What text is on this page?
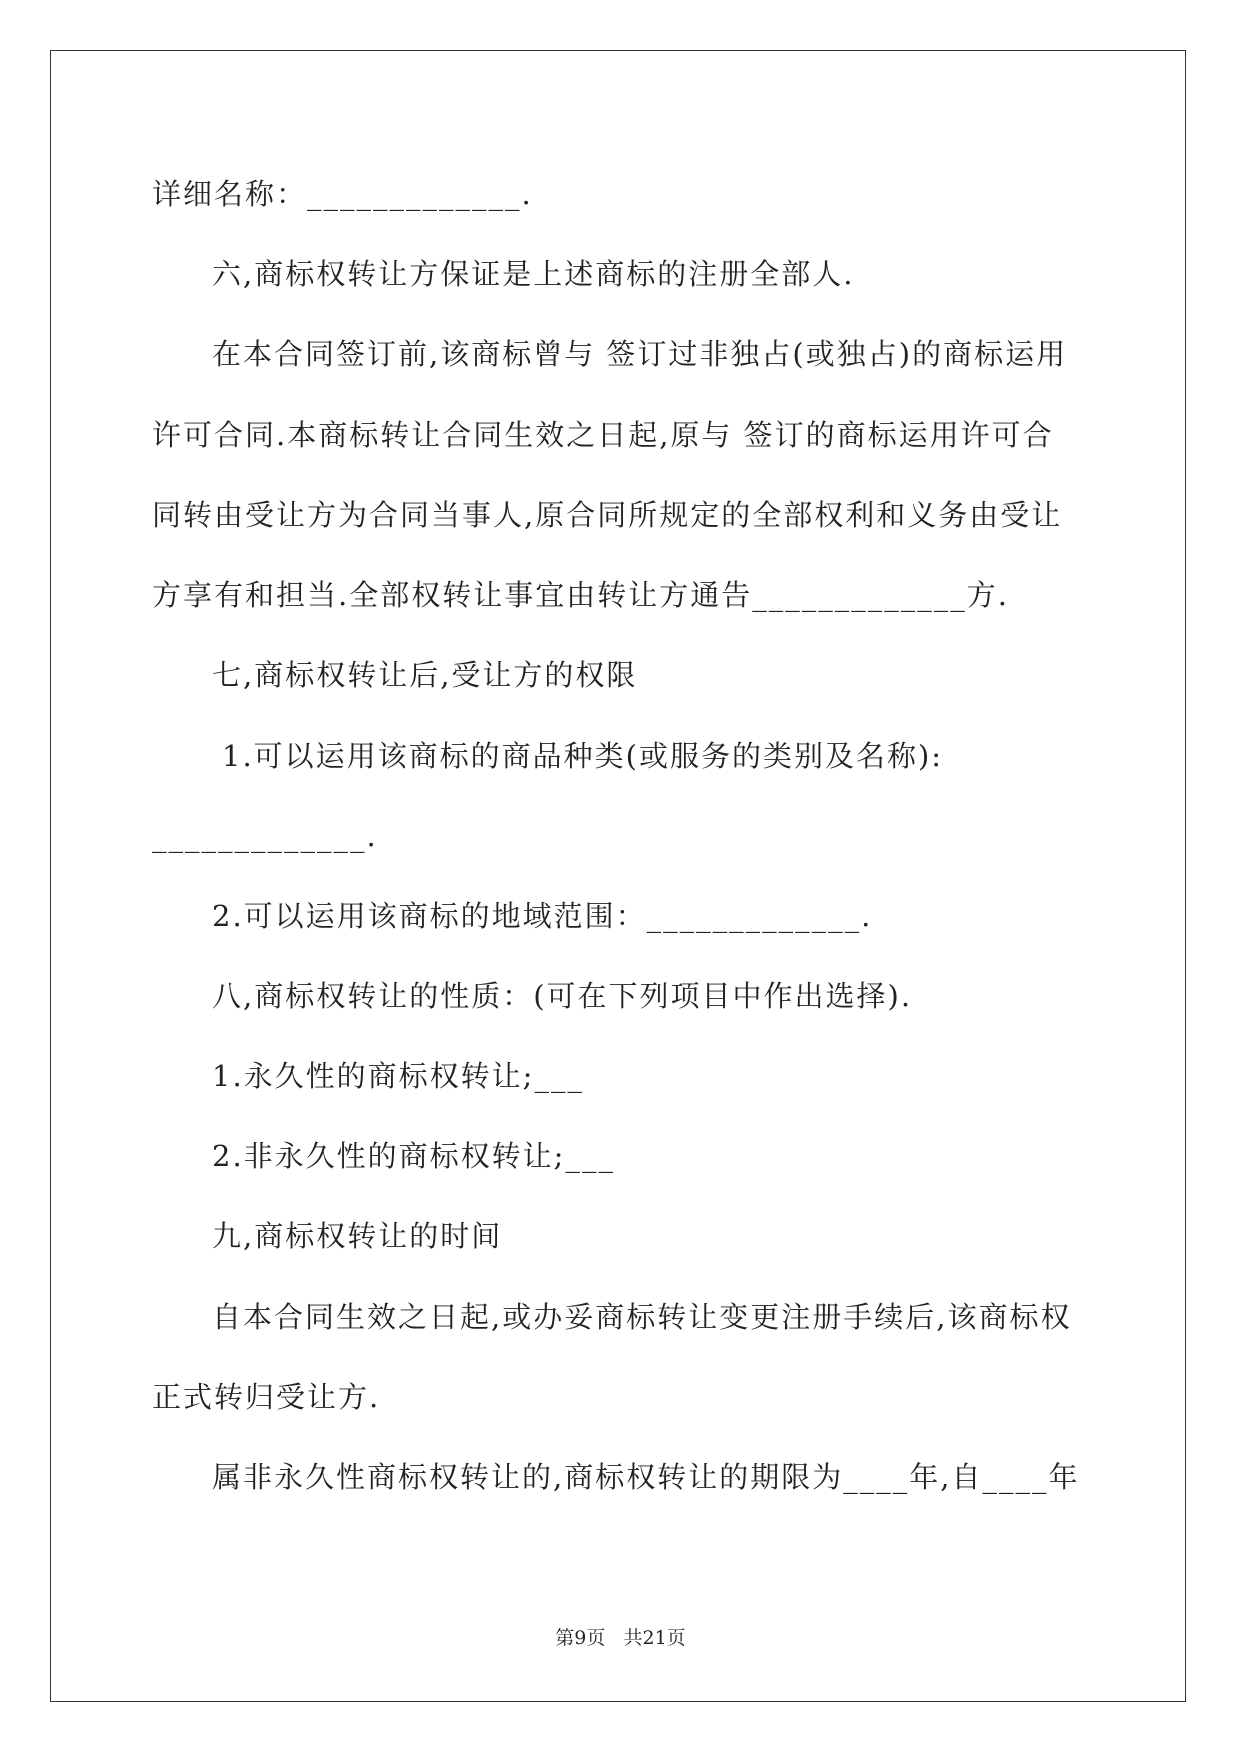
详细名称：_____________.

六,商标权转让方保证是上述商标的注册全部人.

在本合同签订前,该商标曾与 签订过非独占(或独占)的商标运用

许可合同.本商标转让合同生效之日起,原与 签订的商标运用许可合

同转由受让方为合同当事人,原合同所规定的全部权利和义务由受让

方享有和担当.全部权转让事宜由转让方通告_____________方.

七,商标权转让后,受让方的权限

1.可以运用该商标的商品种类(或服务的类别及名称):

_____________.

2.可以运用该商标的地域范围：_____________.

八,商标权转让的性质：(可在下列项目中作出选择).

1.永久性的商标权转让;___

2.非永久性的商标权转让;___

九,商标权转让的时间

自本合同生效之日起,或办妥商标转让变更注册手续后,该商标权

正式转归受让方.

属非永久性商标权转让的,商标权转让的期限为____年,自____年

第9页   共21页
